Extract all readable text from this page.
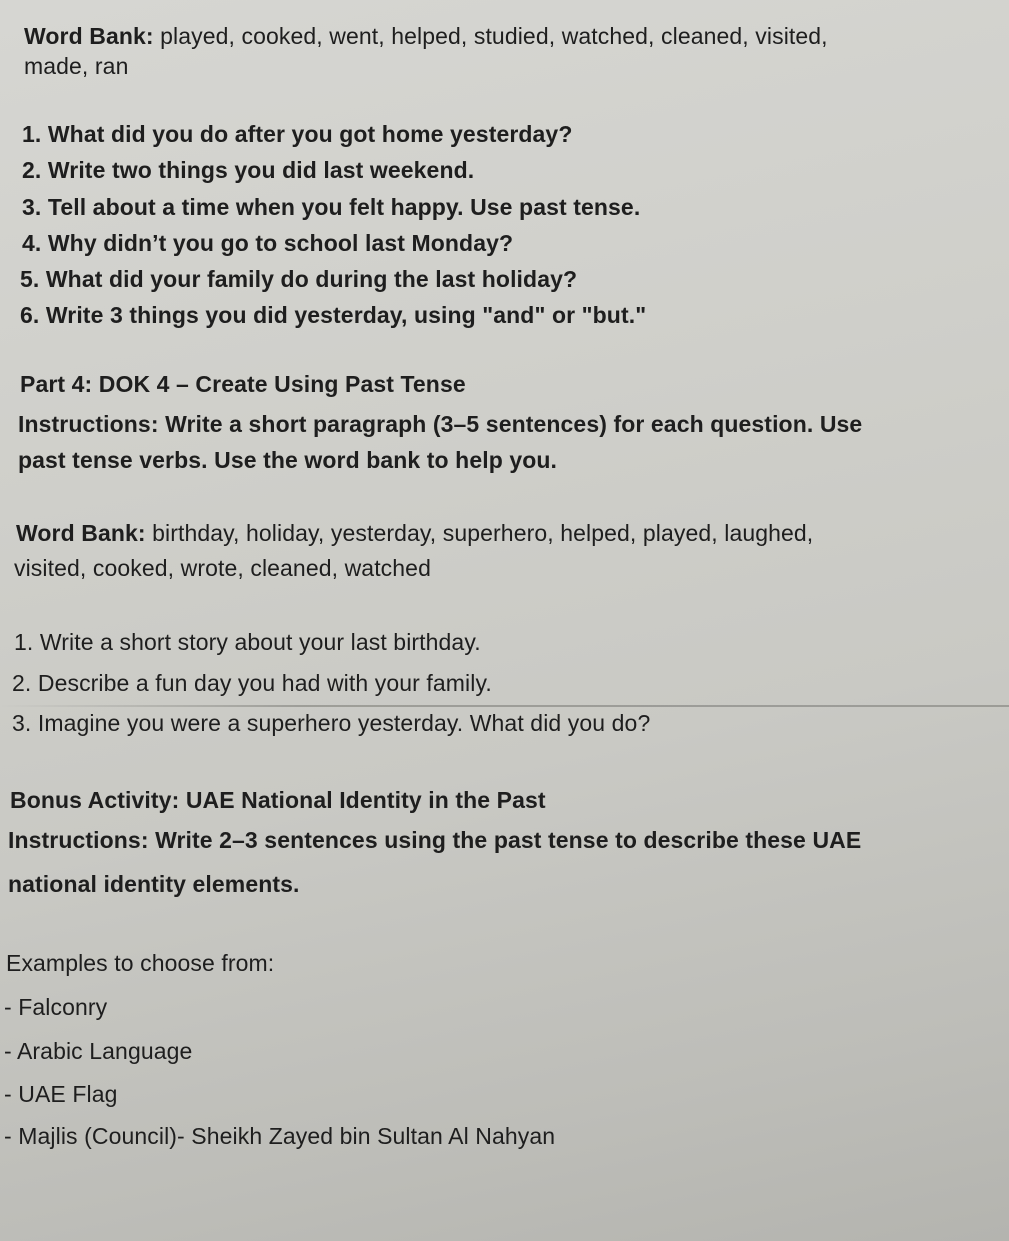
Word Bank: played, cooked, went, helped, studied, watched, cleaned, visited,
made, ran
1. What did you do after you got home yesterday?
2. Write two things you did last weekend.
3. Tell about a time when you felt happy. Use past tense.
4. Why didn’t you go to school last Monday?
5. What did your family do during the last holiday?
6. Write 3 things you did yesterday, using "and" or "but."
Part 4: DOK 4 – Create Using Past Tense
Instructions: Write a short paragraph (3–5 sentences) for each question. Use
past tense verbs. Use the word bank to help you.
Word Bank: birthday, holiday, yesterday, superhero, helped, played, laughed,
visited, cooked, wrote, cleaned, watched
1. Write a short story about your last birthday.
2. Describe a fun day you had with your family.
3. Imagine you were a superhero yesterday. What did you do?
Bonus Activity: UAE National Identity in the Past
Instructions: Write 2–3 sentences using the past tense to describe these UAE
national identity elements.
Examples to choose from:
- Falconry
- Arabic Language
- UAE Flag
- Majlis (Council)- Sheikh Zayed bin Sultan Al Nahyan
